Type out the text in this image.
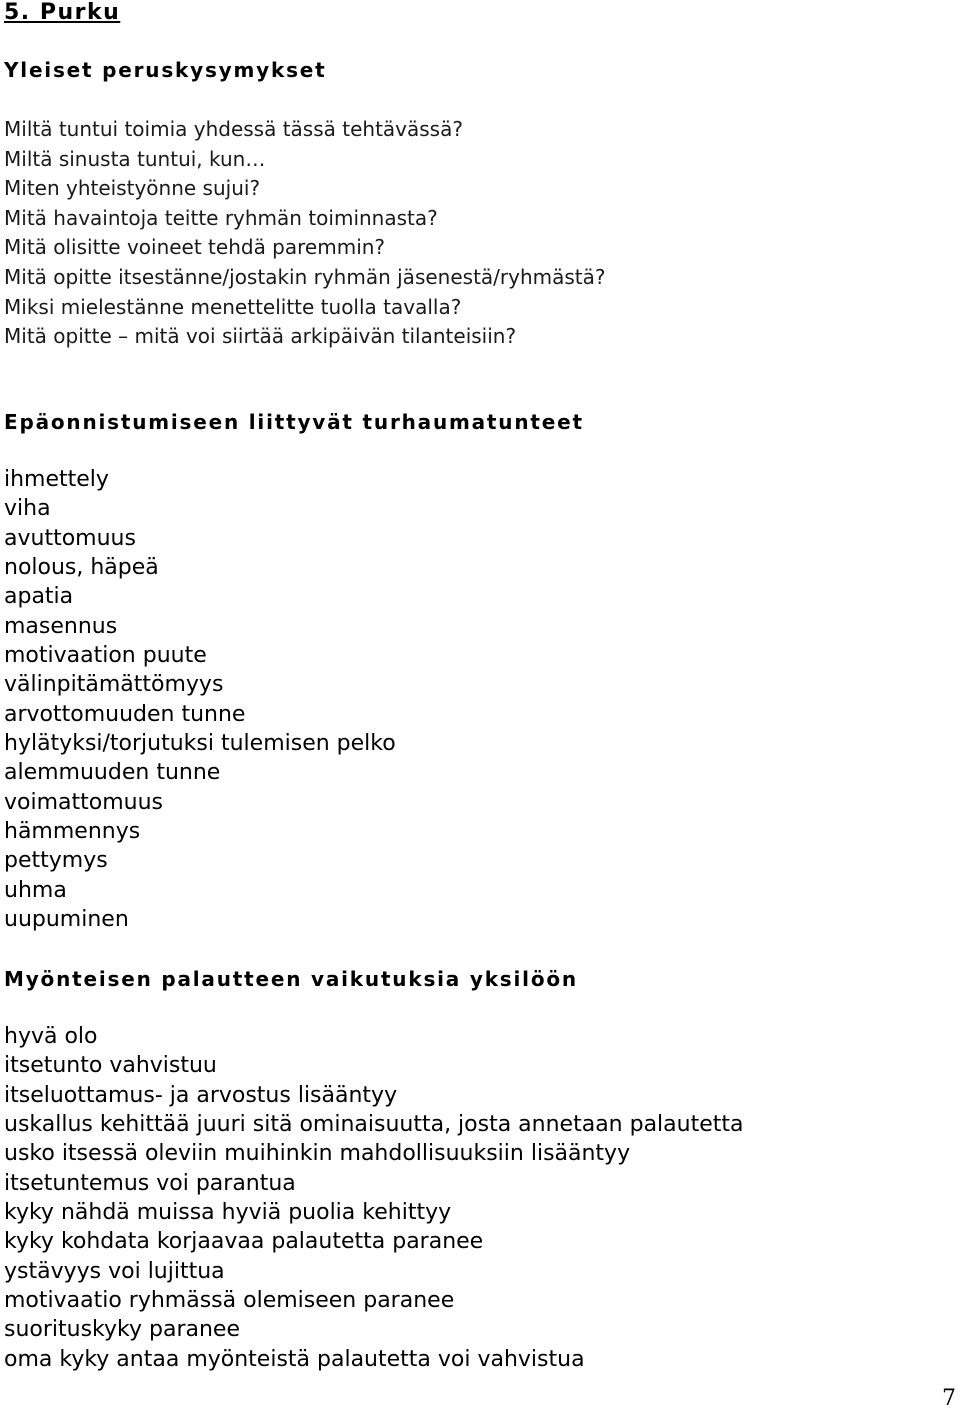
5. Purku
Yleiset peruskysymykset
Miltä tuntui toimia yhdessä tässä tehtävässä?
Miltä sinusta tuntui, kun…
Miten yhteistyönne sujui?
Mitä havaintoja teitte ryhmän toiminnasta?
Mitä olisitte voineet tehdä paremmin?
Mitä opitte itsestänne/jostakin ryhmän jäsenestä/ryhmästä?
Miksi mielestänne menettelitte tuolla tavalla?
Mitä opitte – mitä voi siirtää arkipäivän tilanteisiin?
Epäonnistumiseen liittyvät turhaumatunteet
ihmettely
viha
avuttomuus
nolous, häpeä
apatia
masennus
motivaation puute
välinpitämättömyys
arvottomuuden tunne
hylätyksi/torjutuksi tulemisen pelko
alemmuuden tunne
voimattomuus
hämmennys
pettymys
uhma
uupuminen
Myönteisen palautteen vaikutuksia yksilöön
hyvä olo
itsetunto vahvistuu
itseluottamus- ja arvostus lisääntyy
uskallus kehittää juuri sitä ominaisuutta, josta annetaan palautetta
usko itsessä oleviin muihinkin mahdollisuuksiin lisääntyy
itsetuntemus voi parantua
kyky nähdä muissa hyviä puolia kehittyy
kyky kohdata korjaavaa palautetta paranee
ystävyys voi lujittua
motivaatio ryhmässä olemiseen paranee
suorituskyky paranee
oma kyky antaa myönteistä palautetta voi vahvistua
7
